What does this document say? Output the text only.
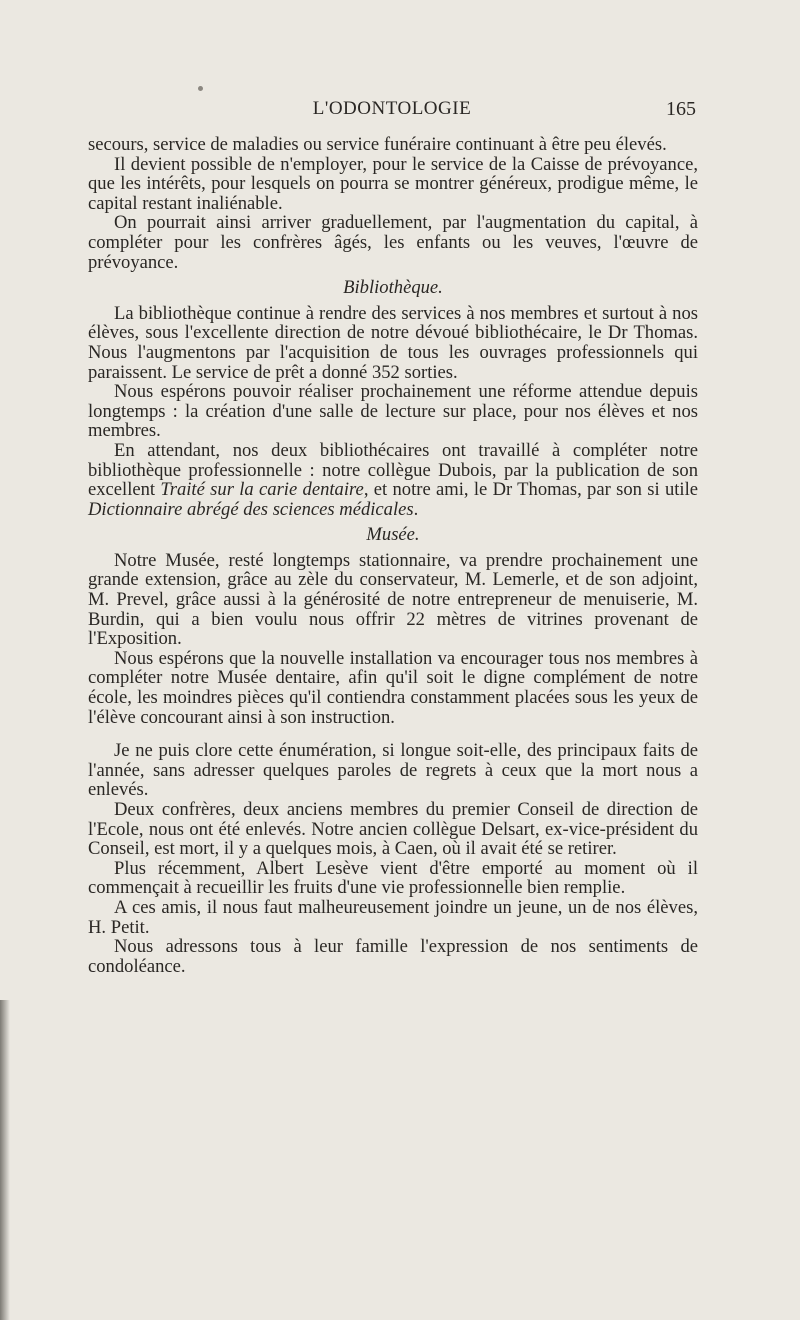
L'ODONTOLOGIE	165

secours, service de maladies ou service funéraire continuant à être peu élevés.

Il devient possible de n'employer, pour le service de la Caisse de prévoyance, que les intérêts, pour lesquels on pourra se montrer généreux, prodigue même, le capital restant inaliénable.

On pourrait ainsi arriver graduellement, par l'augmentation du capital, à compléter pour les confrères âgés, les enfants ou les veuves, l'œuvre de prévoyance.

Bibliothèque.

La bibliothèque continue à rendre des services à nos membres et surtout à nos élèves, sous l'excellente direction de notre dévoué bibliothécaire, le Dr Thomas. Nous l'augmentons par l'acquisition de tous les ouvrages professionnels qui paraissent. Le service de prêt a donné 352 sorties.

Nous espérons pouvoir réaliser prochainement une réforme attendue depuis longtemps : la création d'une salle de lecture sur place, pour nos élèves et nos membres.

En attendant, nos deux bibliothécaires ont travaillé à compléter notre bibliothèque professionnelle : notre collègue Dubois, par la publication de son excellent Traité sur la carie dentaire, et notre ami, le Dr Thomas, par son si utile Dictionnaire abrégé des sciences médicales.

Musée.

Notre Musée, resté longtemps stationnaire, va prendre prochainement une grande extension, grâce au zèle du conservateur, M. Lemerle, et de son adjoint, M. Prevel, grâce aussi à la générosité de notre entrepreneur de menuiserie, M. Burdin, qui a bien voulu nous offrir 22 mètres de vitrines provenant de l'Exposition.

Nous espérons que la nouvelle installation va encourager tous nos membres à compléter notre Musée dentaire, afin qu'il soit le digne complément de notre école, les moindres pièces qu'il contiendra constamment placées sous les yeux de l'élève concourant ainsi à son instruction.

Je ne puis clore cette énumération, si longue soit-elle, des principaux faits de l'année, sans adresser quelques paroles de regrets à ceux que la mort nous a enlevés.

Deux confrères, deux anciens membres du premier Conseil de direction de l'Ecole, nous ont été enlevés. Notre ancien collègue Delsart, ex-vice-président du Conseil, est mort, il y a quelques mois, à Caen, où il avait été se retirer.

Plus récemment, Albert Lesève vient d'être emporté au moment où il commençait à recueillir les fruits d'une vie professionnelle bien remplie.

A ces amis, il nous faut malheureusement joindre un jeune, un de nos élèves, H. Petit.

Nous adressons tous à leur famille l'expression de nos sentiments de condoléance.
